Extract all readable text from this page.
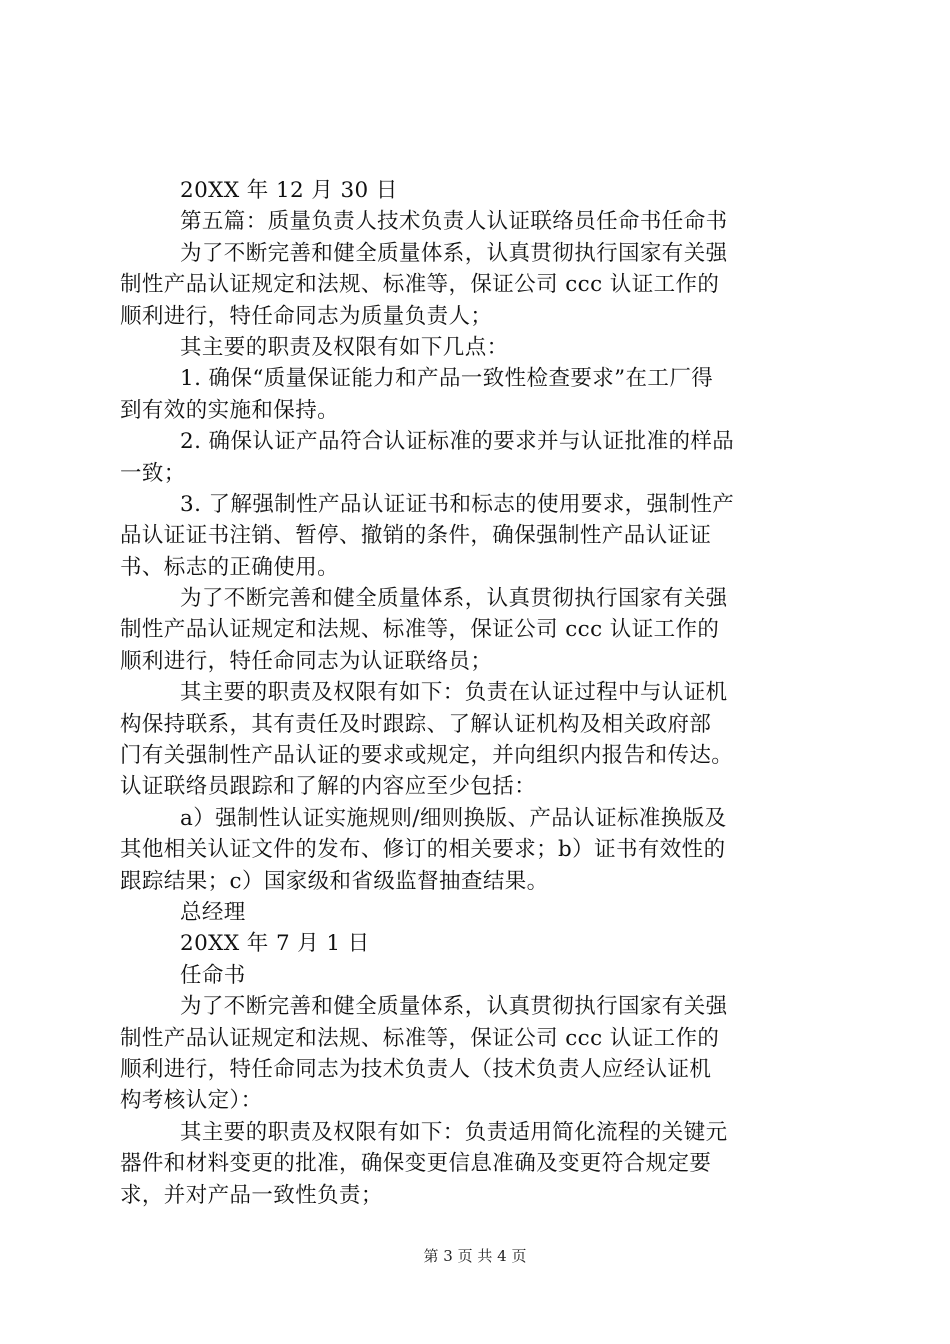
20XX 年 12 月 30 日
第五篇：质量负责人技术负责人认证联络员任命书任命书
为了不断完善和健全质量体系，认真贯彻执行国家有关强
制性产品认证规定和法规、标准等，保证公司 ccc 认证工作的
顺利进行，特任命同志为质量负责人；
其主要的职责及权限有如下几点：
1. 确保“质量保证能力和产品一致性检查要求”在工厂得
到有效的实施和保持。
2. 确保认证产品符合认证标准的要求并与认证批准的样品
一致；
3. 了解强制性产品认证证书和标志的使用要求，强制性产
品认证证书注销、暂停、撤销的条件，确保强制性产品认证证
书、标志的正确使用。
为了不断完善和健全质量体系，认真贯彻执行国家有关强
制性产品认证规定和法规、标准等，保证公司 ccc 认证工作的
顺利进行，特任命同志为认证联络员；
其主要的职责及权限有如下：负责在认证过程中与认证机
构保持联系，其有责任及时跟踪、了解认证机构及相关政府部
门有关强制性产品认证的要求或规定，并向组织内报告和传达。
认证联络员跟踪和了解的内容应至少包括：
a）强制性认证实施规则/细则换版、产品认证标准换版及
其他相关认证文件的发布、修订的相关要求；b）证书有效性的
跟踪结果；c）国家级和省级监督抽查结果。
总经理
20XX 年 7 月 1 日
任命书
为了不断完善和健全质量体系，认真贯彻执行国家有关强
制性产品认证规定和法规、标准等，保证公司 ccc 认证工作的
顺利进行，特任命同志为技术负责人（技术负责人应经认证机
构考核认定）：
其主要的职责及权限有如下：负责适用简化流程的关键元
器件和材料变更的批准，确保变更信息准确及变更符合规定要
求，并对产品一致性负责；
第 3 页 共 4 页
